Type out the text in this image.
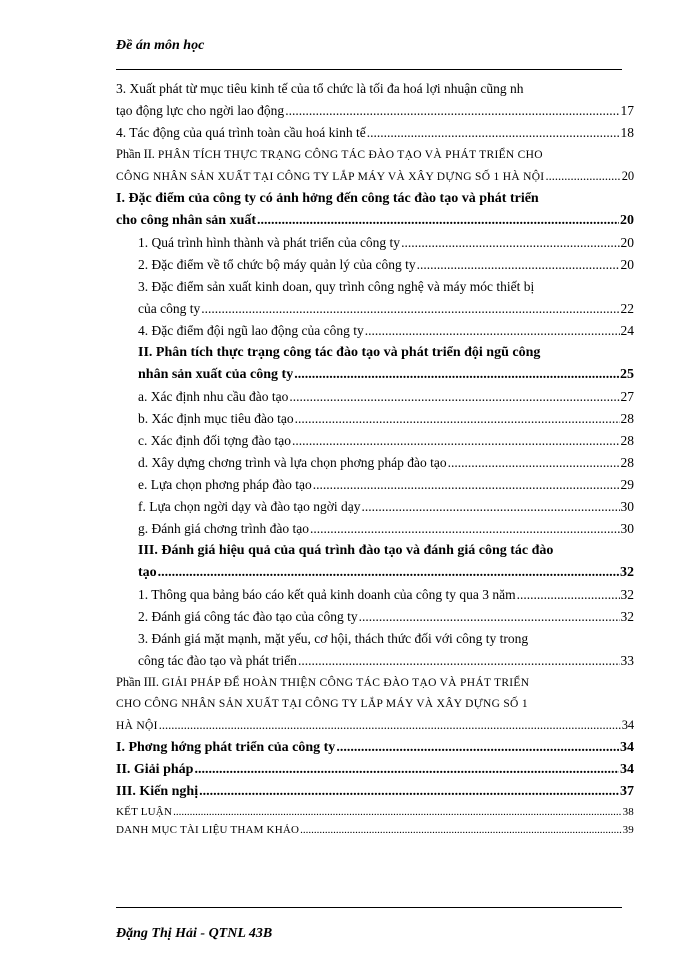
Đề án môn học
3. Xuất phát từ mục tiêu kinh tế của tổ chức là tối đa hoá lợi nhuận cũng nh
tạo động lực cho ngời lao động .....	17
4. Tác động của quá trình toàn cầu hoá kinh tế .....	18
Phần II. PHÂN TÍCH THỰC TRẠNG CÔNG TÁC ĐÀO TẠO VÀ PHÁT TRIỂN CHO
CÔNG NHÂN SẢN XUẤT TẠI CÔNG TY LẮP MÁY VÀ XÂY DỰNG SỐ 1 HÀ NỘI .....	20
I. Đặc điểm của công ty có ảnh hởng đến công tác đào tạo và phát triển
cho công nhân sản xuất .....	20
1. Quá trình hình thành và phát triển của công ty .....	20
2. Đặc điểm về tổ chức bộ máy quản lý của công ty .....	20
3. Đặc điểm sản xuất kinh doan, quy trình công nghệ và máy móc thiết bị
của công ty .....	22
4. Đặc điểm đội ngũ lao động của công ty .....	24
II. Phân tích thực trạng công tác đào tạo và phát triển đội ngũ công
nhân sản xuất của công ty .....	25
a. Xác định nhu cầu đào tạo .....	27
b. Xác định mục tiêu đào tạo .....	28
c. Xác định đối tợng đào tạo .....	28
d. Xây dựng chơng trình và lựa chọn phơng pháp đào tạo .....	28
e. Lựa chọn phơng pháp đào tạo .....	29
f. Lựa chọn ngời dạy và đào tạo ngời dạy .....	30
g. Đánh giá chơng trình đào tạo .....	30
III. Đánh giá hiệu quả của quá trình đào tạo và đánh giá công tác đào
tạo .....	32
1. Thông qua bảng báo cáo kết quả kinh doanh của công ty qua 3 năm .....	32
2. Đánh giá công tác đào tạo của công ty .....	32
3. Đánh giá mặt mạnh, mặt yếu, cơ hội, thách thức đối với công ty trong
công tác đào tạo và phát triển .....	33
Phần III. GIẢI PHÁP ĐỂ HOÀN THIỆN CÔNG TÁC ĐÀO TẠO VÀ PHÁT TRIỂN
CHO CÔNG NHÂN SẢN XUẤT TẠI CÔNG TY LẮP MÁY VÀ XÂY DỰNG SỐ 1
HÀ NỘI .....	34
I. Phơng hớng phát triển của công ty .....	34
II. Giải pháp .....	34
III. Kiến nghị .....	37
KẾT LUẬN .....	38
DANH MỤC TÀI LIỆU THAM KHẢO .....	39
Đặng Thị Hải - QTNL 43B
